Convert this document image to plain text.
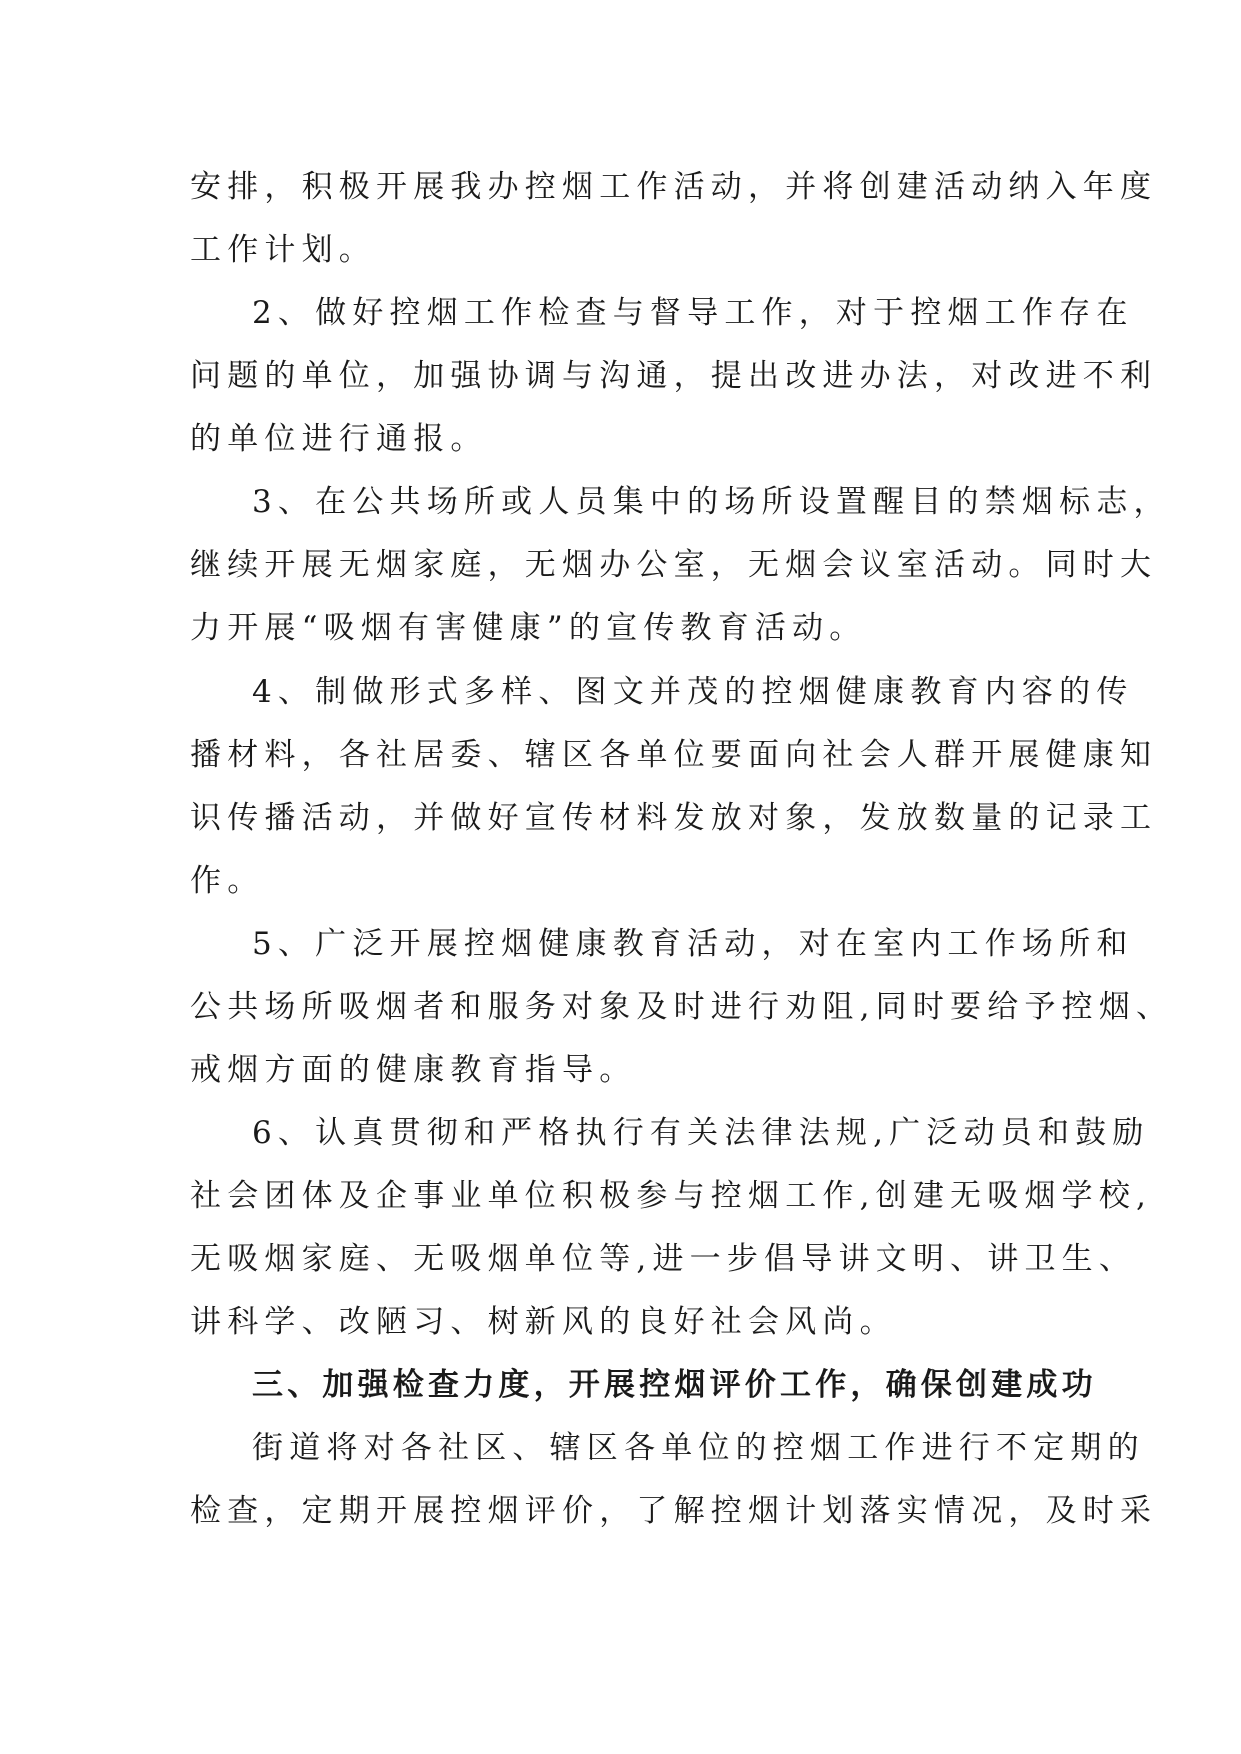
安排，积极开展我办控烟工作活动，并将创建活动纳入年度
工作计划。
2、做好控烟工作检查与督导工作，对于控烟工作存在
问题的单位，加强协调与沟通，提出改进办法，对改进不利
的单位进行通报。
3、在公共场所或人员集中的场所设置醒目的禁烟标志，
继续开展无烟家庭，无烟办公室，无烟会议室活动。同时大
力开展“吸烟有害健康”的宣传教育活动。
4、制做形式多样、图文并茂的控烟健康教育内容的传
播材料，各社居委、辖区各单位要面向社会人群开展健康知
识传播活动，并做好宣传材料发放对象，发放数量的记录工
作。
5、广泛开展控烟健康教育活动，对在室内工作场所和
公共场所吸烟者和服务对象及时进行劝阻,同时要给予控烟、
戒烟方面的健康教育指导。
6、认真贯彻和严格执行有关法律法规,广泛动员和鼓励
社会团体及企事业单位积极参与控烟工作,创建无吸烟学校,
无吸烟家庭、无吸烟单位等,进一步倡导讲文明、讲卫生、
讲科学、改陋习、树新风的良好社会风尚。
三、加强检查力度，开展控烟评价工作，确保创建成功
街道将对各社区、辖区各单位的控烟工作进行不定期的
检查，定期开展控烟评价，了解控烟计划落实情况，及时采
